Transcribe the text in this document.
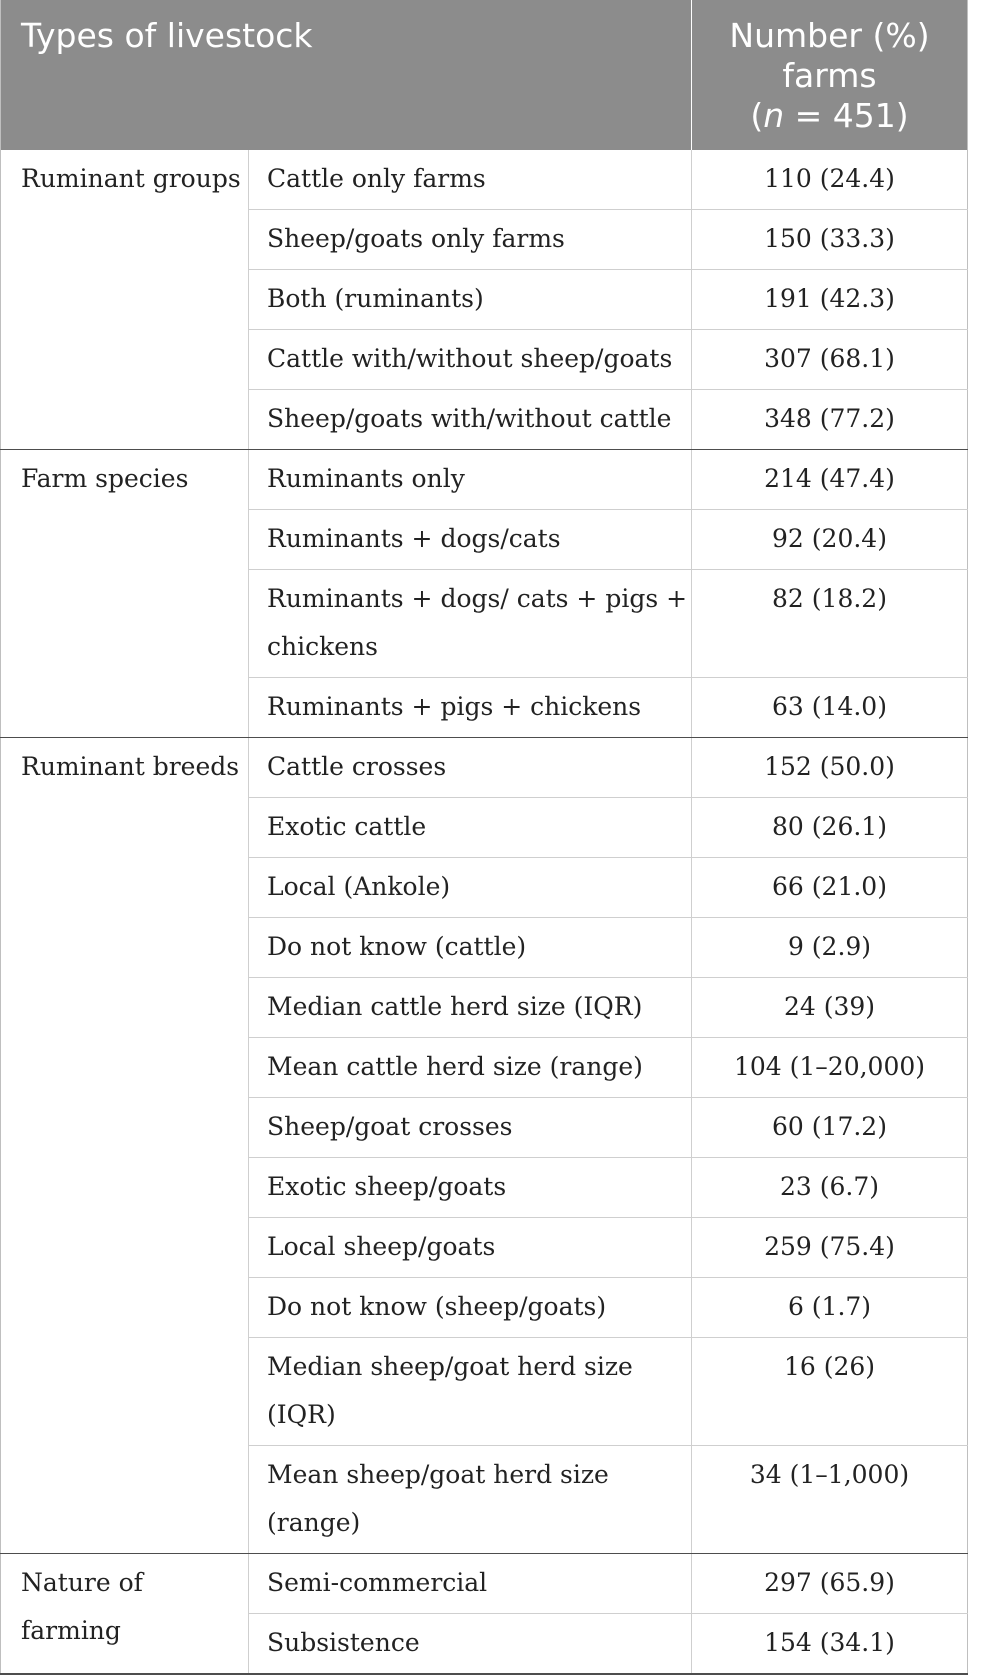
Types of livestock		Number (%)
farms
(n = 451)

Ruminant groups	Cattle only farms	110 (24.4)
	Sheep/goats only farms	150 (33.3)
	Both (ruminants)	191 (42.3)
	Cattle with/without sheep/goats	307 (68.1)
	Sheep/goats with/without cattle	348 (77.2)
Farm species	Ruminants only	214 (47.4)
	Ruminants + dogs/cats	92 (20.4)
	Ruminants + dogs/ cats + pigs + chickens	82 (18.2)
	Ruminants + pigs + chickens	63 (14.0)
Ruminant breeds	Cattle crosses	152 (50.0)
	Exotic cattle	80 (26.1)
	Local (Ankole)	66 (21.0)
	Do not know (cattle)	9 (2.9)
	Median cattle herd size (IQR)	24 (39)
	Mean cattle herd size (range)	104 (1–20,000)
	Sheep/goat crosses	60 (17.2)
	Exotic sheep/goats	23 (6.7)
	Local sheep/goats	259 (75.4)
	Do not know (sheep/goats)	6 (1.7)
	Median sheep/goat herd size (IQR)	16 (26)
	Mean sheep/goat herd size (range)	34 (1–1,000)
Nature of farming	Semi-commercial	297 (65.9)
	Subsistence	154 (34.1)
